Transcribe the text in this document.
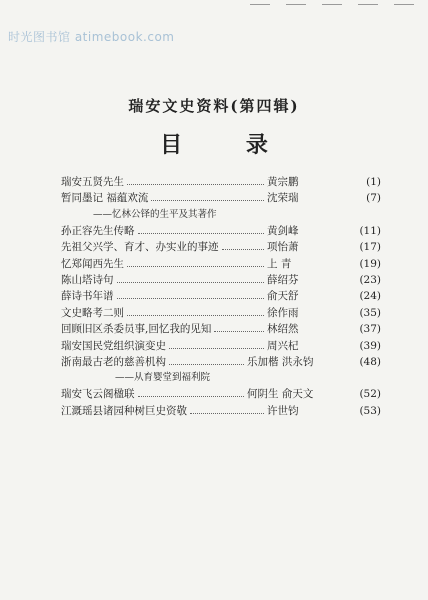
时光图书馆 atimebook.com
瑞安文史资料(第四辑)
目 录
瑞安五贤先生	黄宗鹏	(1)
暂同墨记 福蕴欢流	沈荣瑞	(7)
——忆林公铎的生平及其著作
孙正容先生传略	黄剑峰	(11)
先祖父兴学、育才、办实业的事迹	项怡萧	(17)
忆郑闻西先生	上 青	(19)
陈山塔诗句	薛绍芬	(23)
薛诗书年谱	俞天舒	(24)
文史略考二则	徐作雨	(35)
回顾旧区杀委员事,回忆我的见知	林绍然	(37)
瑞安国民党组织演变史	周兴杞	(39)
浙南最古老的慈善机构	乐加楷 洪永钧	(48)
——从育婴堂到福利院
瑞安飞云阁楹联	何阴生 俞天文	(52)
江溉瑶县诸园种树巨史资敬	许世钧	(53)
